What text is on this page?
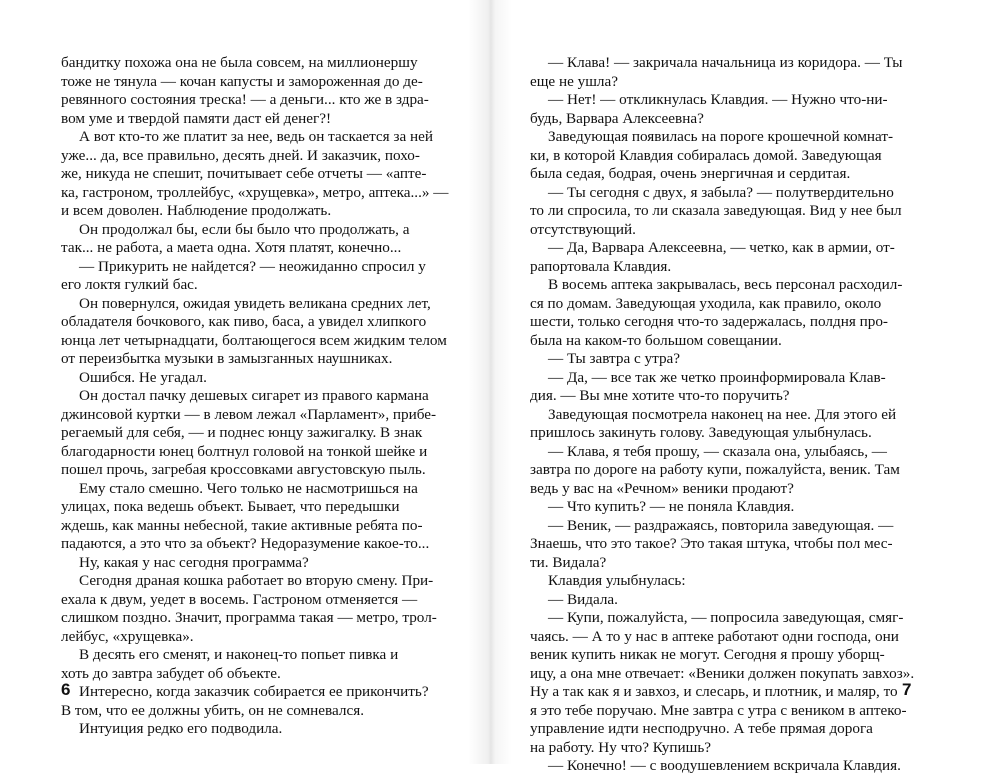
бандитку похожа она не была совсем, на миллионершу
тоже не тянула — кочан капусты и замороженная до де-
ревянного состояния треска! — а деньги... кто же в здра-
вом уме и твердой памяти даст ей денег?!
А вот кто-то же платит за нее, ведь он таскается за ней
уже... да, все правильно, десять дней. И заказчик, похо-
же, никуда не спешит, почитывает себе отчеты — «апте-
ка, гастроном, троллейбус, «хрущевка», метро, аптека...» —
и всем доволен. Наблюдение продолжать.
Он продолжал бы, если бы было что продолжать, а
так... не работа, а маета одна. Хотя платят, конечно...
— Прикурить не найдется? — неожиданно спросил у
его локтя гулкий бас.
Он повернулся, ожидая увидеть великана средних лет,
обладателя бочкового, как пиво, баса, а увидел хлипкого
юнца лет четырнадцати, болтающегося всем жидким телом
от переизбытка музыки в замызганных наушниках.
Ошибся. Не угадал.
Он достал пачку дешевых сигарет из правого кармана
джинсовой куртки — в левом лежал «Парламент», прибе-
регаемый для себя, — и поднес юнцу зажигалку. В знак
благодарности юнец болтнул головой на тонкой шейке и
пошел прочь, загребая кроссовками августовскую пыль.
Ему стало смешно. Чего только не насмотришься на
улицах, пока ведешь объект. Бывает, что передышки
ждешь, как манны небесной, такие активные ребята по-
падаются, а это что за объект? Недоразумение какое-то...
Ну, какая у нас сегодня программа?
Сегодня драная кошка работает во вторую смену. При-
ехала к двум, уедет в восемь. Гастроном отменяется —
слишком поздно. Значит, программа такая — метро, трол-
лейбус, «хрущевка».
В десять его сменят, и наконец-то попьет пивка и
хоть до завтра забудет об объекте.
Интересно, когда заказчик собирается ее прикончить?
В том, что ее должны убить, он не сомневался.
Интуиция редко его подводила.
6
— Клава! — закричала начальница из коридора. — Ты
еще не ушла?
— Нет! — откликнулась Клавдия. — Нужно что-ни-
будь, Варвара Алексеевна?
Заведующая появилась на пороге крошечной комнат-
ки, в которой Клавдия собиралась домой. Заведующая
была седая, бодрая, очень энергичная и сердитая.
— Ты сегодня с двух, я забыла? — полутвердительно
то ли спросила, то ли сказала заведующая. Вид у нее был
отсутствующий.
— Да, Варвара Алексеевна, — четко, как в армии, от-
рапортовала Клавдия.
В восемь аптека закрывалась, весь персонал расходил-
ся по домам. Заведующая уходила, как правило, около
шести, только сегодня что-то задержалась, полдня про-
была на каком-то большом совещании.
— Ты завтра с утра?
— Да, — все так же четко проинформировала Клав-
дия. — Вы мне хотите что-то поручить?
Заведующая посмотрела наконец на нее. Для этого ей
пришлось закинуть голову. Заведующая улыбнулась.
— Клава, я тебя прошу, — сказала она, улыбаясь, —
завтра по дороге на работу купи, пожалуйста, веник. Там
ведь у вас на «Речном» веники продают?
— Что купить? — не поняла Клавдия.
— Веник, — раздражаясь, повторила заведующая. —
Знаешь, что это такое? Это такая штука, чтобы пол мес-
ти. Видала?
Клавдия улыбнулась:
— Видала.
— Купи, пожалуйста, — попросила заведующая, смяг-
чаясь. — А то у нас в аптеке работают одни господа, они
веник купить никак не могут. Сегодня я прошу уборщ-
ицу, а она мне отвечает: «Веники должен покупать завхоз».
Ну а так как я и завхоз, и слесарь, и плотник, и маляр, то
я это тебе поручаю. Мне завтра с утра с веником в аптеко-
управление идти несподручно. А тебе прямая дорога
на работу. Ну что? Купишь?
— Конечно! — с воодушевлением вскричала Клавдия.
7
